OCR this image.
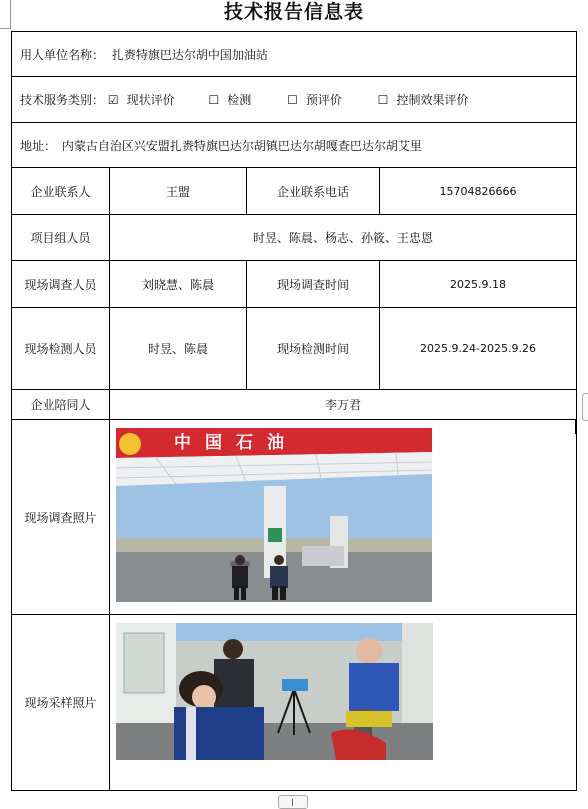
技术报告信息表
用人单位名称： 扎赉特旗巴达尔胡中国加油站			
技术服务类别： ☑ 现状评价 ☐ 检测 ☐ 预评价 ☐ 控制效果评价			
地址： 内蒙古自治区兴安盟扎赉特旗巴达尔胡镇巴达尔胡嘎查巴达尔胡艾里			
企业联系人	王盟	企业联系电话	15704826666
项目组人员	时昱、陈晨、杨志、孙筱、王忠恩		
现场调查人员	刘晓慧、陈晨	现场调查时间	2025.9.18
现场检测人员	时昱、陈晨	现场检测时间	2025.9.24-2025.9.26
企业陪同人	李万君		
现场调查照片	中国石油		

现场采样照片	
